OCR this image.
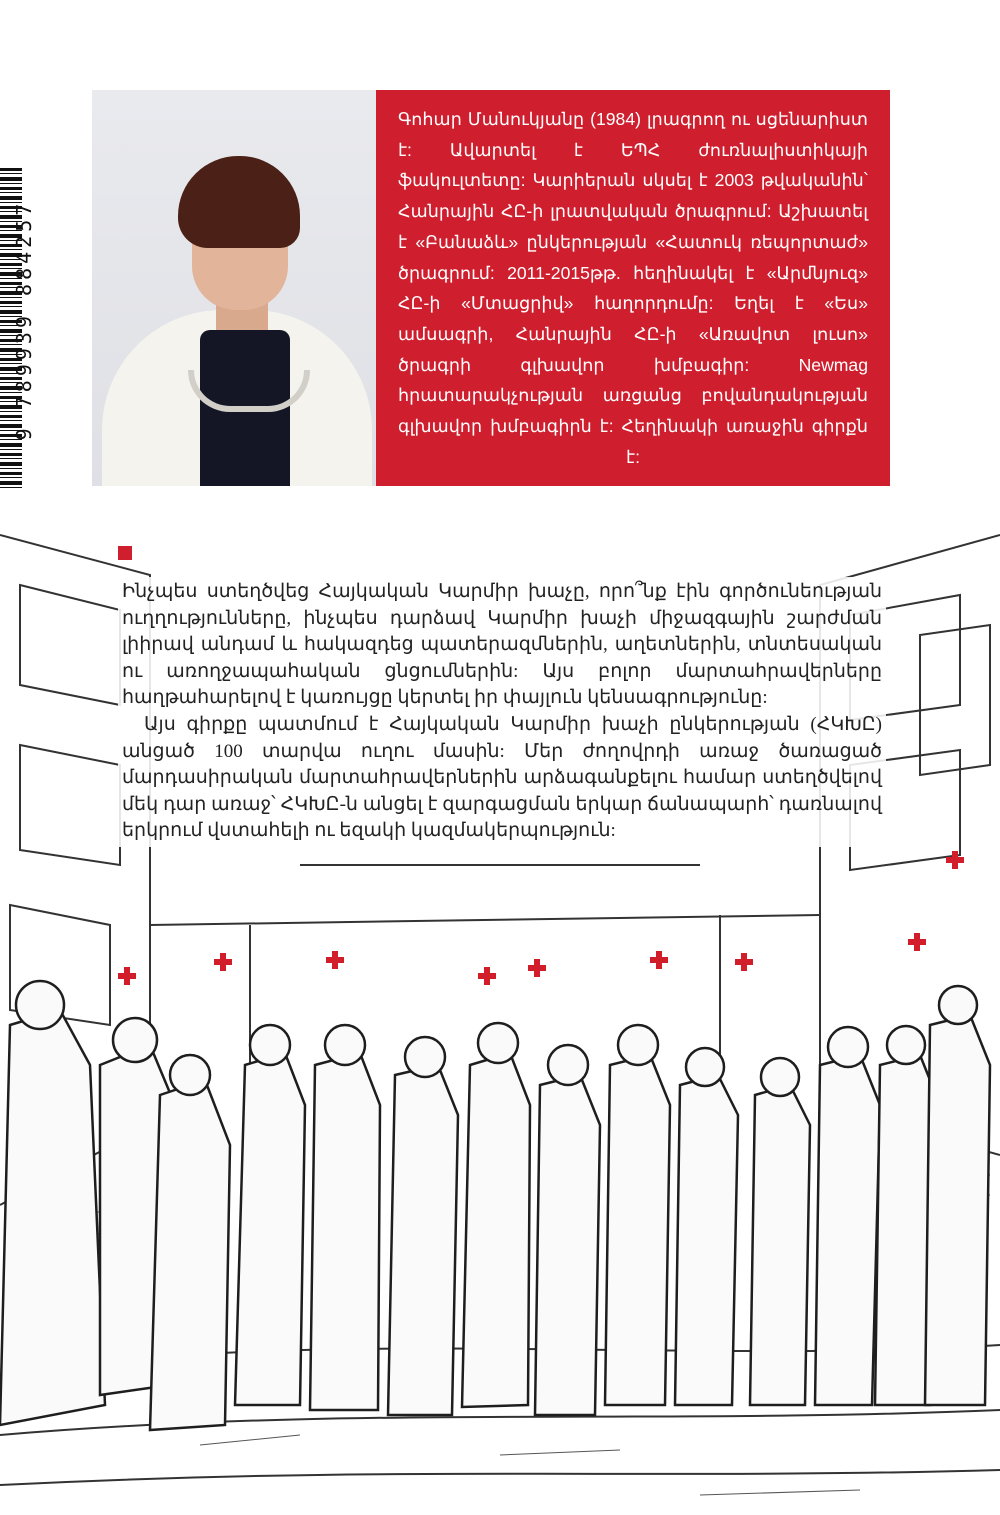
9 789939 884257
Գոհար Մանուկյանը (1984) լրագրող ու սցենարիստ է: Ավարտել է ԵՊՀ ժուռնալիստիկայի ֆակուլտետը: Կարիերան սկսել է 2003 թվականին՝ Հանրային ՀԸ-ի լրատվական ծրագրում: Աշխատել է «Բանաձև» ընկերության «Հատուկ ռեպորտաժ» ծրագրում: 2011-2015թթ. հեղինակել է «Արմնյուզ» ՀԸ-ի «Մտացրիվ» հաղորդումը: Եղել է «Ես» ամսագրի, Հանրային ՀԸ-ի «Առավոտ լուսո» ծրագրի գլխավոր խմբագիր: Newmag հրատարակչության առցանց բովանդակության գլխավոր խմբագիրն է: Հեղինակի առաջին գիրքն է:

Ինչպես ստեղծվեց Հայկական Կարմիր խաչը, որո՞նք էին գործունեության ուղղությունները, ինչպես դարձավ Կարմիր խաչի միջազգային շարժման լիիրավ անդամ և հակազդեց պատերազմներին, աղետներին, տնտեսական ու առողջապահական ցնցումներին: Այս բոլոր մարտահրավերները հաղթահարելով է կառույցը կերտել իր փայլուն կենսագրությունը:

Այս գիրքը պատմում է Հայկական Կարմիր խաչի ընկերության (ՀԿԽԸ) անցած 100 տարվա ուղու մասին: Մեր ժողովրդի առաջ ծառացած մարդասիրական մարտահրավերներին արձագանքելու համար ստեղծվելով մեկ դար առաջ՝ ՀԿԽԸ-ն անցել է զարգացման երկար ճանապարհ՝ դառնալով երկրում վստահելի ու եզակի կազմակերպություն:
